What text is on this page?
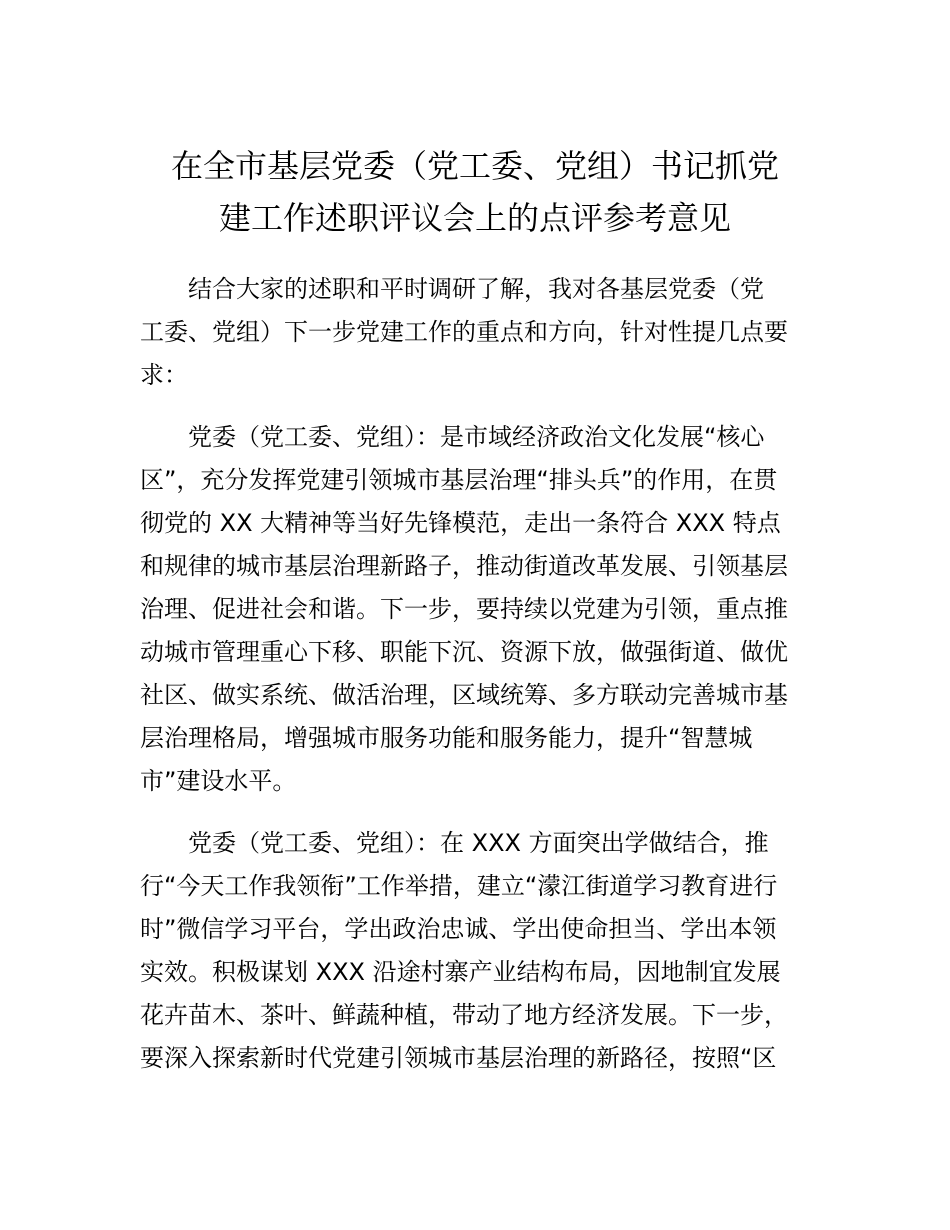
在全市基层党委（党工委、党组）书记抓党
建工作述职评议会上的点评参考意见

结合大家的述职和平时调研了解，我对各基层党委（党
工委、党组）下一步党建工作的重点和方向，针对性提几点要
求：

党委（党工委、党组）：是市域经济政治文化发展“核心
区”，充分发挥党建引领城市基层治理“排头兵”的作用，在贯
彻党的 XX 大精神等当好先锋模范，走出一条符合 XXX 特点
和规律的城市基层治理新路子，推动街道改革发展、引领基层
治理、促进社会和谐。下一步，要持续以党建为引领，重点推
动城市管理重心下移、职能下沉、资源下放，做强街道、做优
社区、做实系统、做活治理，区域统筹、多方联动完善城市基
层治理格局，增强城市服务功能和服务能力，提升“智慧城
市”建设水平。

党委（党工委、党组）：在 XXX 方面突出学做结合，推
行“今天工作我领衔”工作举措，建立“濛江街道学习教育进行
时”微信学习平台，学出政治忠诚、学出使命担当、学出本领
实效。积极谋划 XXX 沿途村寨产业结构布局，因地制宜发展
花卉苗木、茶叶、鲜蔬种植，带动了地方经济发展。下一步，
要深入探索新时代党建引领城市基层治理的新路径，按照“区
